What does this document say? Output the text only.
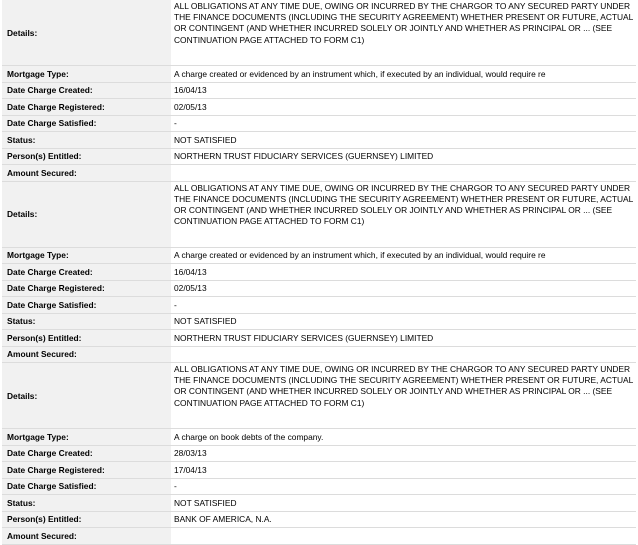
Details:
ALL OBLIGATIONS AT ANY TIME DUE, OWING OR INCURRED BY THE CHARGOR TO ANY SECURED PARTY UNDER THE FINANCE DOCUMENTS (INCLUDING THE SECURITY AGREEMENT) WHETHER PRESENT OR FUTURE, ACTUAL OR CONTINGENT (AND WHETHER INCURRED SOLELY OR JOINTLY AND WHETHER AS PRINCIPAL OR ... (SEE CONTINUATION PAGE ATTACHED TO FORM C1)
Mortgage Type:	A charge created or evidenced by an instrument which, if executed by an individual, would require re
Date Charge Created:	16/04/13
Date Charge Registered:	02/05/13
Date Charge Satisfied:	-
Status:	NOT SATISFIED
Person(s) Entitled:	NORTHERN TRUST FIDUCIARY SERVICES (GUERNSEY) LIMITED
Amount Secured:
Details:
ALL OBLIGATIONS AT ANY TIME DUE, OWING OR INCURRED BY THE CHARGOR TO ANY SECURED PARTY UNDER THE FINANCE DOCUMENTS (INCLUDING THE SECURITY AGREEMENT) WHETHER PRESENT OR FUTURE, ACTUAL OR CONTINGENT (AND WHETHER INCURRED SOLELY OR JOINTLY AND WHETHER AS PRINCIPAL OR ... (SEE CONTINUATION PAGE ATTACHED TO FORM C1)
Mortgage Type:	A charge created or evidenced by an instrument which, if executed by an individual, would require re
Date Charge Created:	16/04/13
Date Charge Registered:	02/05/13
Date Charge Satisfied:	-
Status:	NOT SATISFIED
Person(s) Entitled:	NORTHERN TRUST FIDUCIARY SERVICES (GUERNSEY) LIMITED
Amount Secured:
Details:
ALL OBLIGATIONS AT ANY TIME DUE, OWING OR INCURRED BY THE CHARGOR TO ANY SECURED PARTY UNDER THE FINANCE DOCUMENTS (INCLUDING THE SECURITY AGREEMENT) WHETHER PRESENT OR FUTURE, ACTUAL OR CONTINGENT (AND WHETHER INCURRED SOLELY OR JOINTLY AND WHETHER AS PRINCIPAL OR ... (SEE CONTINUATION PAGE ATTACHED TO FORM C1)
Mortgage Type:	A charge on book debts of the company.
Date Charge Created:	28/03/13
Date Charge Registered:	17/04/13
Date Charge Satisfied:	-
Status:	NOT SATISFIED
Person(s) Entitled:	BANK OF AMERICA, N.A.
Amount Secured:
